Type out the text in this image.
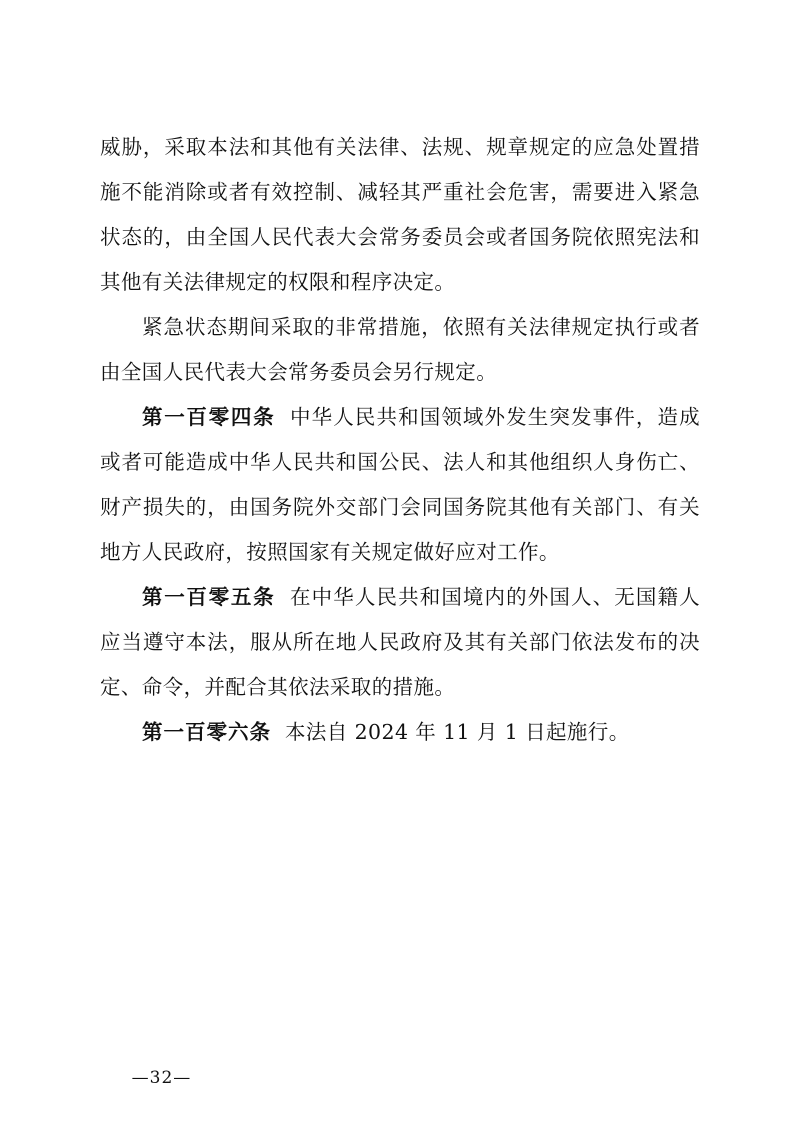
威胁，采取本法和其他有关法律、法规、规章规定的应急处置措施不能消除或者有效控制、减轻其严重社会危害，需要进入紧急状态的，由全国人民代表大会常务委员会或者国务院依照宪法和其他有关法律规定的权限和程序决定。

紧急状态期间采取的非常措施，依照有关法律规定执行或者由全国人民代表大会常务委员会另行规定。

第一百零四条 中华人民共和国领域外发生突发事件，造成或者可能造成中华人民共和国公民、法人和其他组织人身伤亡、财产损失的，由国务院外交部门会同国务院其他有关部门、有关地方人民政府，按照国家有关规定做好应对工作。

第一百零五条 在中华人民共和国境内的外国人、无国籍人应当遵守本法，服从所在地人民政府及其有关部门依法发布的决定、命令，并配合其依法采取的措施。

第一百零六条 本法自 2024 年 11 月 1 日起施行。

—32—
